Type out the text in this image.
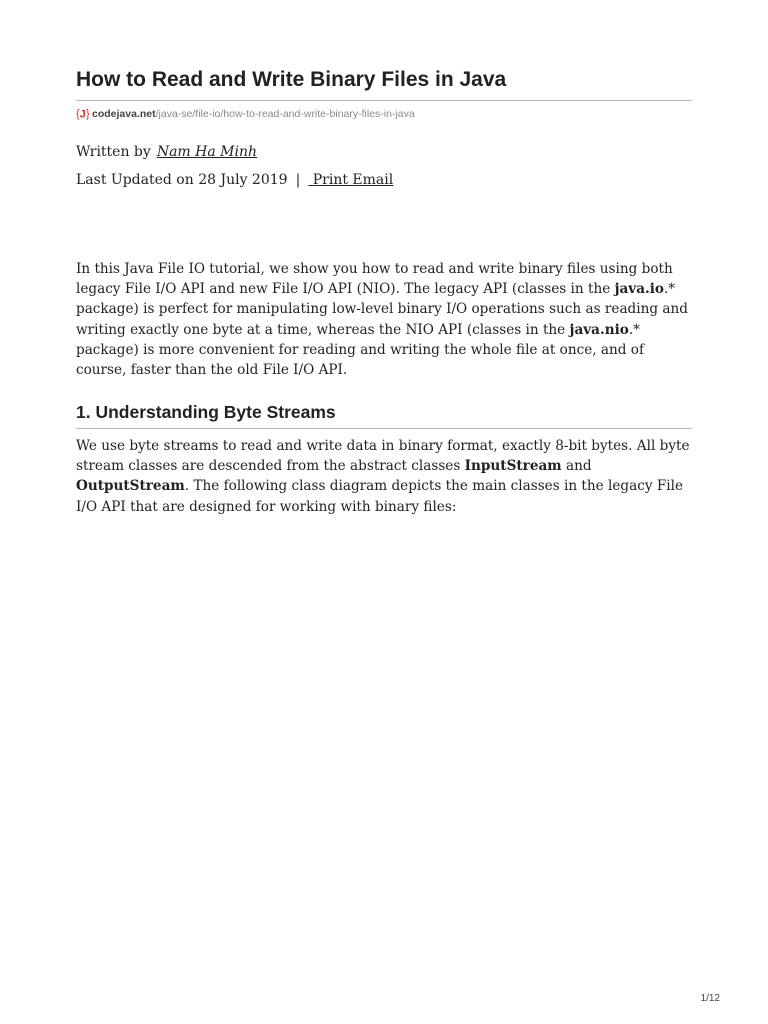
How to Read and Write Binary Files in Java
{ J } codejava.net/java-se/file-io/how-to-read-and-write-binary-files-in-java
Written by Nam Ha Minh
Last Updated on 28 July 2019 | Print Email

In this Java File IO tutorial, we show you how to read and write binary files using both legacy File I/O API and new File I/O API (NIO). The legacy API (classes in the java.io.* package) is perfect for manipulating low-level binary I/O operations such as reading and writing exactly one byte at a time, whereas the NIO API (classes in the java.nio.* package) is more convenient for reading and writing the whole file at once, and of course, faster than the old File I/O API.

1. Understanding Byte Streams

We use byte streams to read and write data in binary format, exactly 8-bit bytes. All byte stream classes are descended from the abstract classes InputStream and OutputStream. The following class diagram depicts the main classes in the legacy File I/O API that are designed for working with binary files:

1/12
